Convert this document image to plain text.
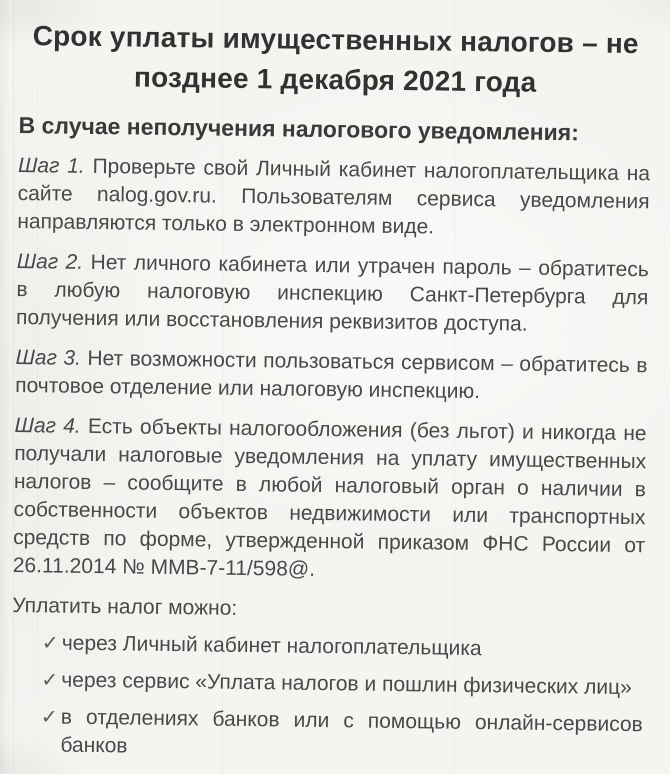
Срок уплаты имущественных налогов – не
позднее 1 декабря 2021 года
В случае неполучения налогового уведомления:

Шаг 1. Проверьте свой Личный кабинет налогоплательщика на сайте nalog.gov.ru. Пользователям сервиса уведомления направляются только в электронном виде.

Шаг 2. Нет личного кабинета или утрачен пароль – обратитесь в любую налоговую инспекцию Санкт-Петербурга для получения или восстановления реквизитов доступа.

Шаг 3. Нет возможности пользоваться сервисом – обратитесь в почтовое отделение или налоговую инспекцию.

Шаг 4. Есть объекты налогообложения (без льгот) и никогда не получали налоговые уведомления на уплату имущественных налогов – сообщите в любой налоговый орган о наличии в собственности объектов недвижимости или транспортных средств по форме, утвержденной приказом ФНС России от 26.11.2014 № ММВ-7-11/598@.

Уплатить налог можно:

✓ через Личный кабинет налогоплательщика
✓ через сервис «Уплата налогов и пошлин физических лиц»
✓ в отделениях банков или с помощью онлайн-сервисов банков
